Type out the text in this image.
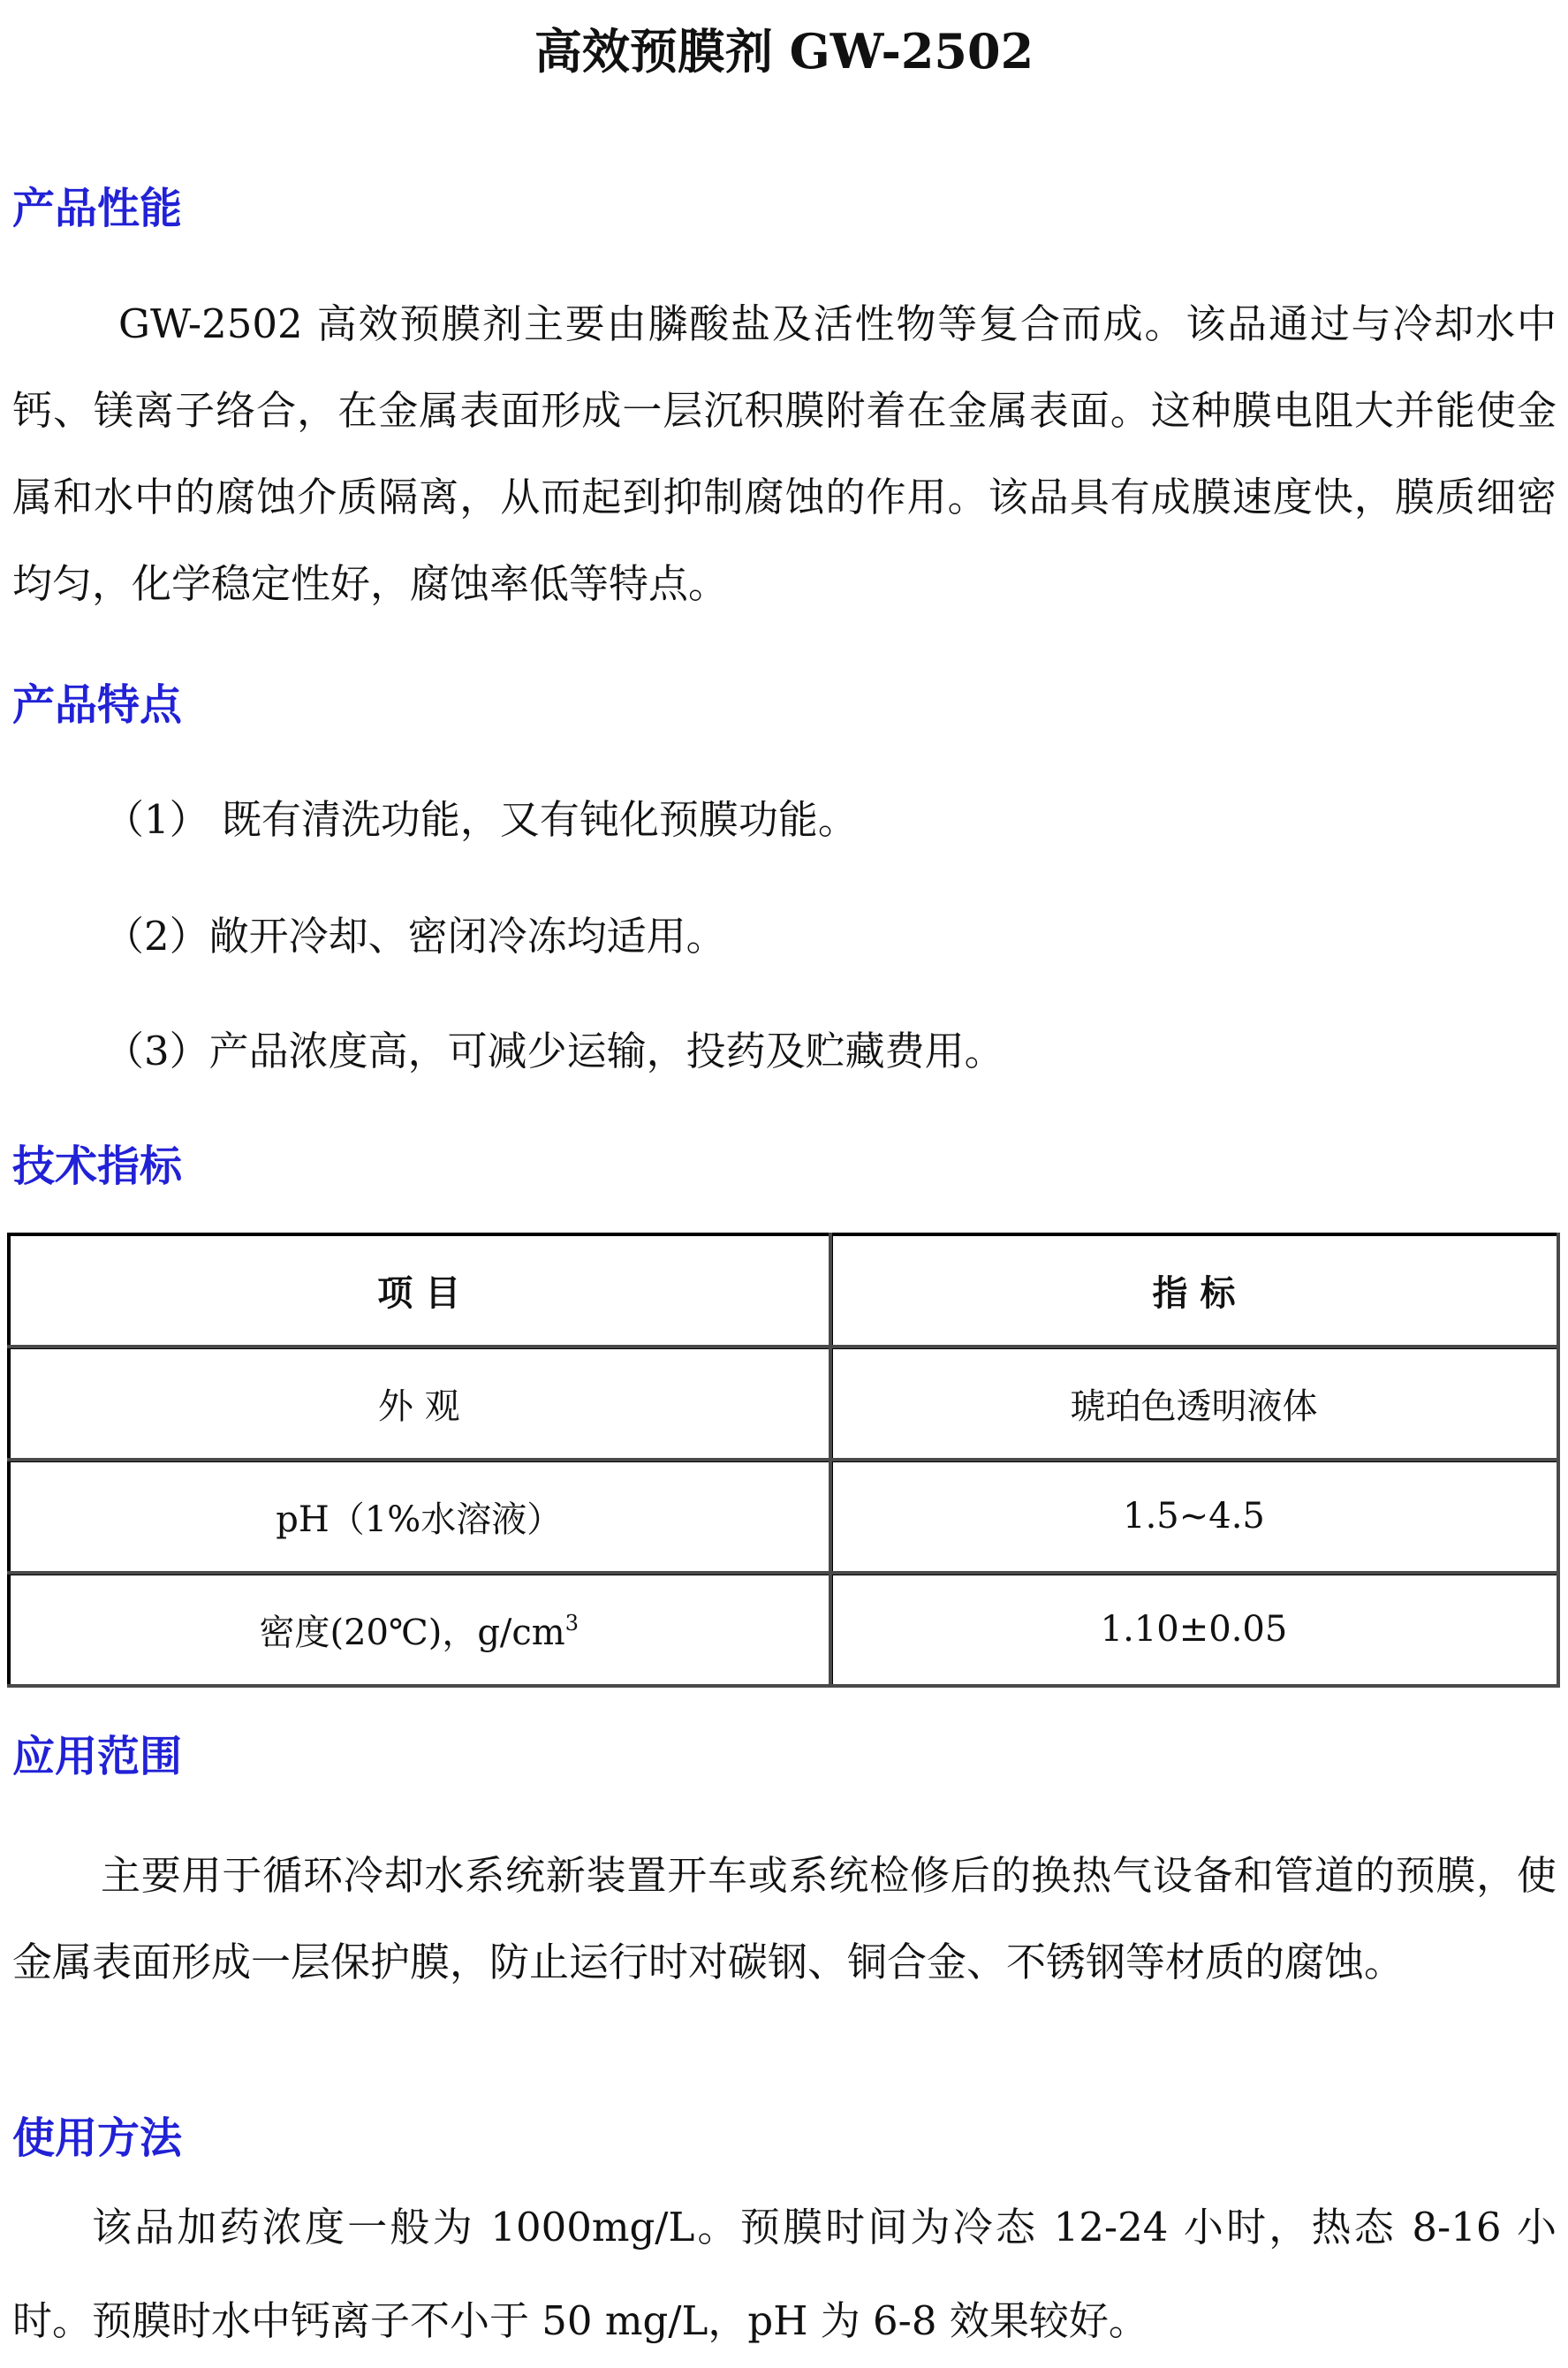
高效预膜剂 GW-2502
产品性能
GW-2502 高效预膜剂主要由膦酸盐及活性物等复合而成。该品通过与冷却水中钙、镁离子络合，在金属表面形成一层沉积膜附着在金属表面。这种膜电阻大并能使金属和水中的腐蚀介质隔离，从而起到抑制腐蚀的作用。该品具有成膜速度快，膜质细密均匀，化学稳定性好，腐蚀率低等特点。
产品特点
（1） 既有清洗功能，又有钝化预膜功能。
（2）敞开冷却、密闭冷冻均适用。
（3）产品浓度高，可减少运输，投药及贮藏费用。
技术指标
项 目	指 标
外 观	琥珀色透明液体
pH（1%水溶液）	1.5~4.5
密度(20℃)，$g/cm^3$	1.10±0.05
应用范围
主要用于循环冷却水系统新装置开车或系统检修后的换热气设备和管道的预膜，使金属表面形成一层保护膜，防止运行时对碳钢、铜合金、不锈钢等材质的腐蚀。
使用方法
该品加药浓度一般为 1000mg/L。预膜时间为冷态 12-24 小时，热态 8-16 小时。预膜时水中钙离子不小于 50 mg/L，pH 为 6-8 效果较好。
